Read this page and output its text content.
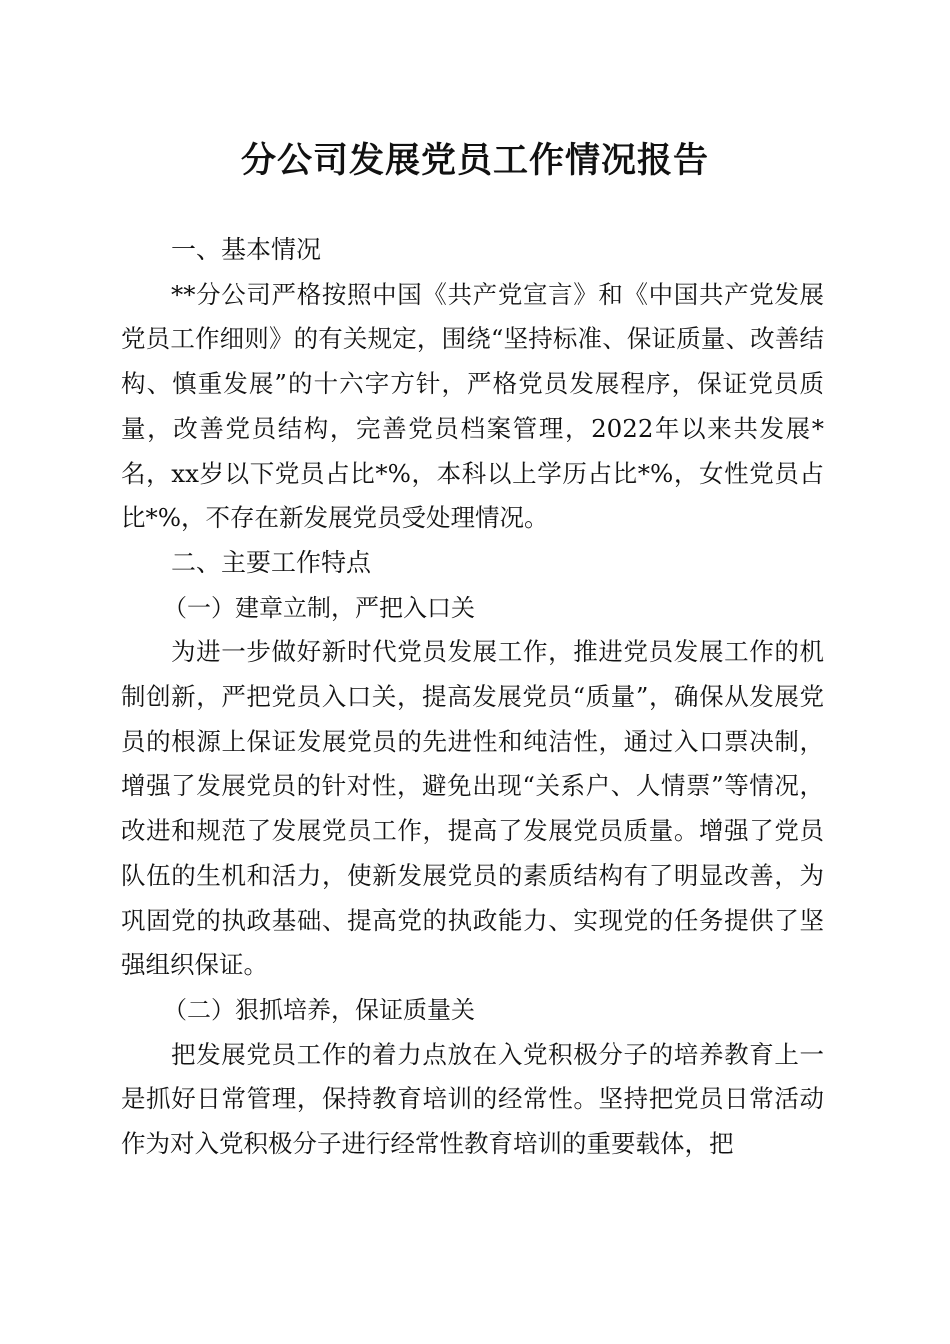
分公司发展党员工作情况报告

一、基本情况

**分公司严格按照中国《共产党宣言》和《中国共产党发展党员工作细则》的有关规定，围绕“坚持标准、保证质量、改善结构、慎重发展”的十六字方针，严格党员发展程序，保证党员质量，改善党员结构，完善党员档案管理，2022年以来共发展*名，xx岁以下党员占比*%，本科以上学历占比*%，女性党员占比*%，不存在新发展党员受处理情况。

二、主要工作特点

（一）建章立制，严把入口关

为进一步做好新时代党员发展工作，推进党员发展工作的机制创新，严把党员入口关，提高发展党员“质量”，确保从发展党员的根源上保证发展党员的先进性和纯洁性，通过入口票决制，增强了发展党员的针对性，避免出现“关系户、人情票”等情况，改进和规范了发展党员工作，提高了发展党员质量。增强了党员队伍的生机和活力，使新发展党员的素质结构有了明显改善，为巩固党的执政基础、提高党的执政能力、实现党的任务提供了坚强组织保证。

（二）狠抓培养，保证质量关

把发展党员工作的着力点放在入党积极分子的培养教育上一是抓好日常管理，保持教育培训的经常性。坚持把党员日常活动作为对入党积极分子进行经常性教育培训的重要载体，把
